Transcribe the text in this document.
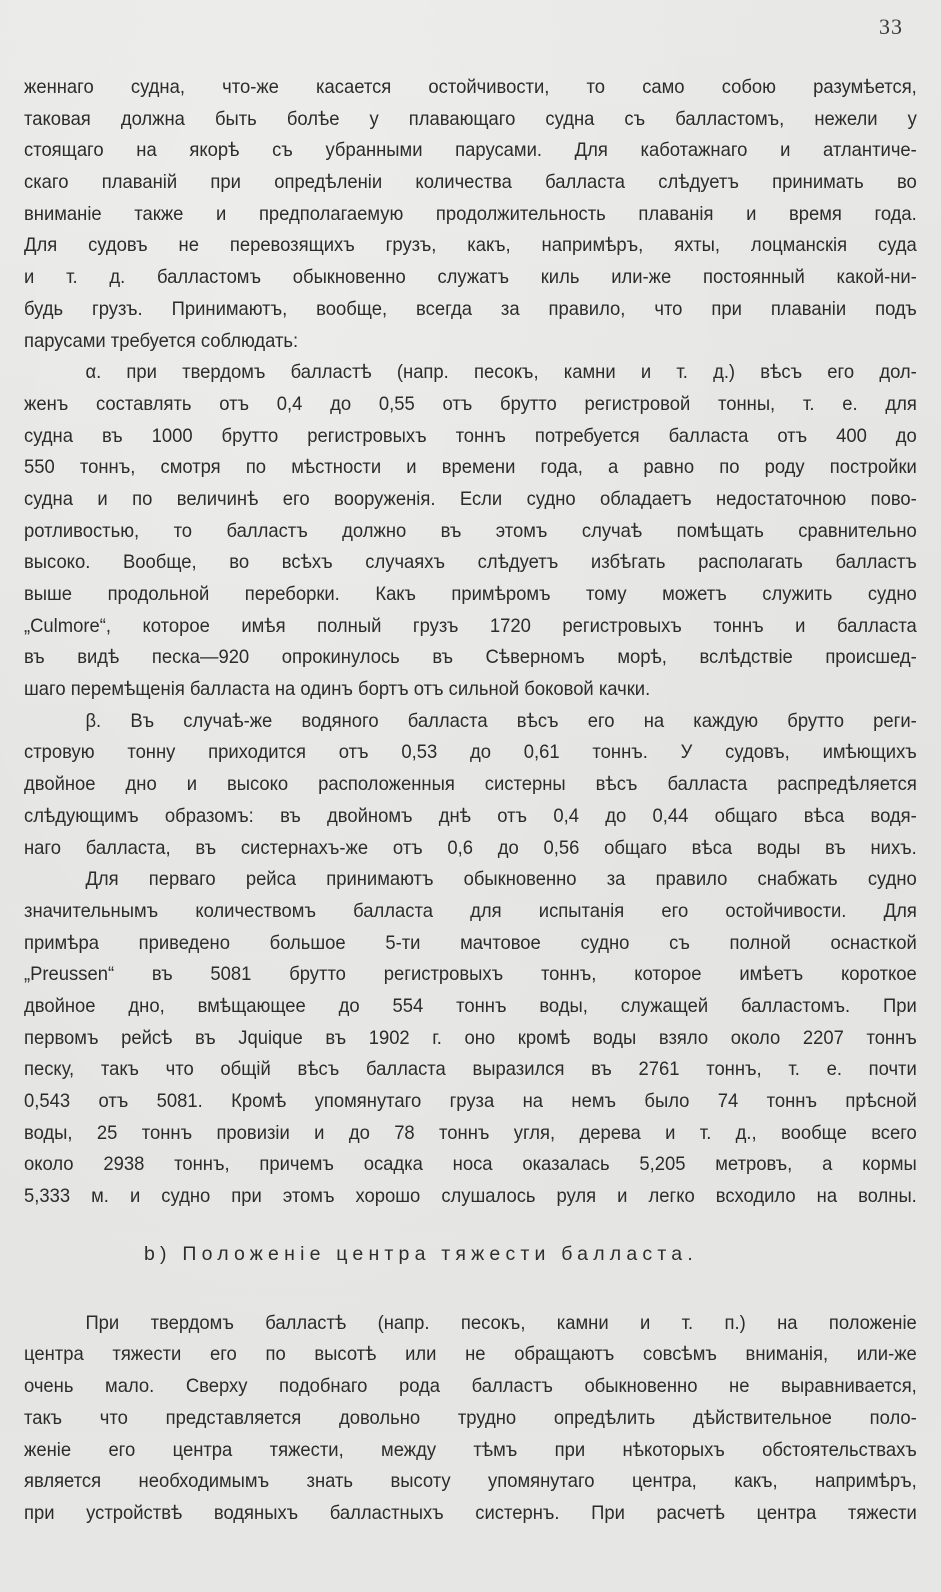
33
женнаго судна, что-же касается остойчивости, то само собою разумѣется,
таковая должна быть болѣе у плавающаго судна съ балластомъ, нежели у
стоящаго на якорѣ съ убранными парусами. Для каботажнаго и атлантиче-
скаго плаванiй при опредѣленiи количества балласта слѣдуетъ принимать во
вниманiе также и предполагаемую продолжительность плаванiя и время года.
Для судовъ не перевозящихъ грузъ, какъ, напримѣръ, яхты, лоцманскiя суда
и т. д. балластомъ обыкновенно служатъ киль или-же постоянный какой-ни-
будь грузъ. Принимаютъ, вообще, всегда за правило, что при плаванiи подъ
парусами требуется соблюдать:
α. при твердомъ балластѣ (напр. песокъ, камни и т. д.) вѣсъ его дол-
женъ составлять отъ 0,4 до 0,55 отъ брутто регистровой тонны, т. е. для
судна въ 1000 брутто регистровыхъ тоннъ потребуется балласта отъ 400 до
550 тоннъ, смотря по мѣстности и времени года, а равно по роду постройки
судна и по величинѣ его вооруженiя. Если судно обладаетъ недостаточною пово-
ротливостью, то балластъ должно въ этомъ случаѣ помѣщать сравнительно
высоко. Вообще, во всѣхъ случаяхъ слѣдуетъ избѣгать располагать балластъ
выше продольной переборки. Какъ примѣромъ тому можетъ служить судно
„Culmore“, которое имѣя полный грузъ 1720 регистровыхъ тоннъ и балласта
въ видѣ песка—920 опрокинулось въ Сѣверномъ морѣ, вслѣдствiе происшед-
шаго перемѣщенiя балласта на одинъ бортъ отъ сильной боковой качки.
β. Въ случаѣ-же водяного балласта вѣсъ его на каждую брутто реги-
стровую тонну приходится отъ 0,53 до 0,61 тоннъ. У судовъ, имѣющихъ
двойное дно и высоко расположенныя систерны вѣсъ балласта распредѣляется
слѣдующимъ образомъ: въ двойномъ днѣ отъ 0,4 до 0,44 общаго вѣса водя-
наго балласта, въ систернахъ-же отъ 0,6 до 0,56 общаго вѣса воды въ нихъ.
Для перваго рейса принимаютъ обыкновенно за правило снабжать судно
значительнымъ количествомъ балласта для испытанiя его остойчивости. Для
примѣра приведено большое 5-ти мачтовое судно съ полной оснасткой
„Preussen“ въ 5081 брутто регистровыхъ тоннъ, которое имѣетъ короткое
двойное дно, вмѣщающее до 554 тоннъ воды, служащей балластомъ. При
первомъ рейсѣ въ Jquique въ 1902 г. оно кромѣ воды взяло около 2207 тоннъ
песку, такъ что общiй вѣсъ балласта выразился въ 2761 тоннъ, т. е. почти
0,543 отъ 5081. Кромѣ упомянутаго груза на немъ было 74 тоннъ прѣсной
воды, 25 тоннъ провизiи и до 78 тоннъ угля, дерева и т. д., вообще всего
около 2938 тоннъ, причемъ осадка носа оказалась 5,205 метровъ, а кормы
5,333 м. и судно при этомъ хорошо слушалось руля и легко всходило на волны.
b) Положенiе центра тяжести балласта.
При твердомъ балластѣ (напр. песокъ, камни и т. п.) на положенiе
центра тяжести его по высотѣ или не обращаютъ совсѣмъ вниманiя, или-же
очень мало. Сверху подобнаго рода балластъ обыкновенно не выравнивается,
такъ что представляется довольно трудно опредѣлить дѣйствительное поло-
женiе его центра тяжести, между тѣмъ при нѣкоторыхъ обстоятельствахъ
является необходимымъ знать высоту упомянутаго центра, какъ, напримѣръ,
при устройствѣ водяныхъ балластныхъ систернъ. При расчетѣ центра тяжести
